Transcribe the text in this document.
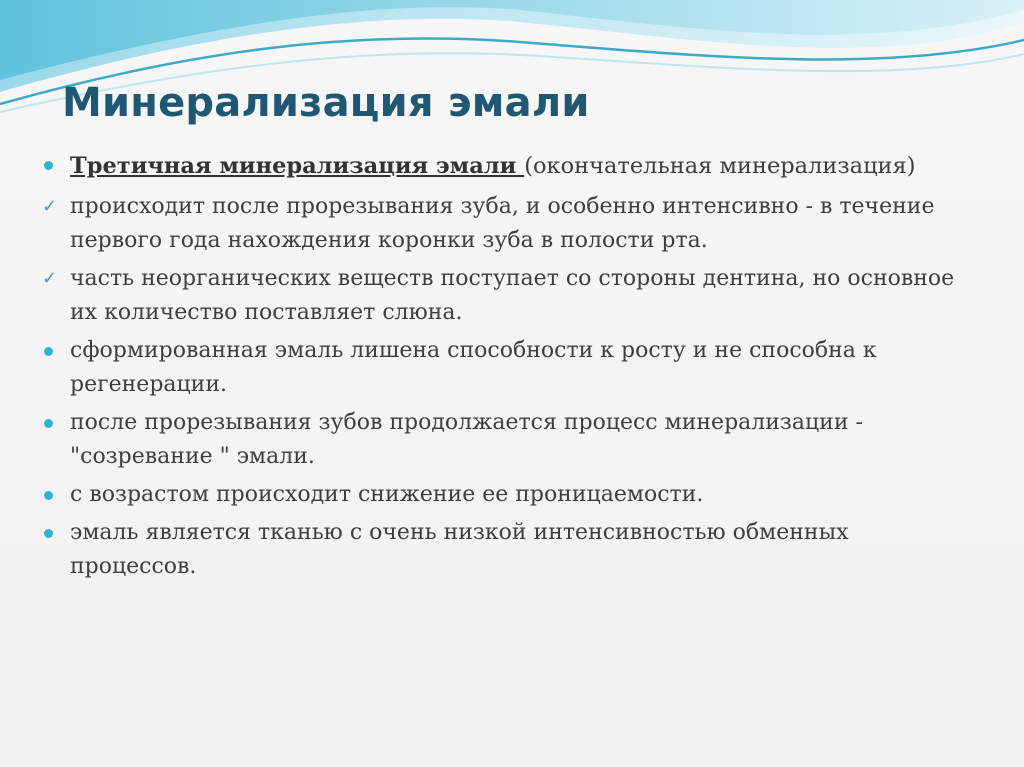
Минерализация эмали
Третичная минерализация эмали (окончательная минерализация)
✓ происходит после прорезывания зуба, и особенно интенсивно - в течение первого года нахождения коронки зуба в полости рта.
✓ часть неорганических веществ поступает со стороны дентина, но основное их количество поставляет слюна.
сформированная эмаль лишена способности к росту и не способна к регенерации.
после прорезывания зубов продолжается процесс минерализации - "созревание " эмали.
с возрастом происходит снижение ее проницаемости.
эмаль является тканью с очень низкой интенсивностью обменных процессов.
